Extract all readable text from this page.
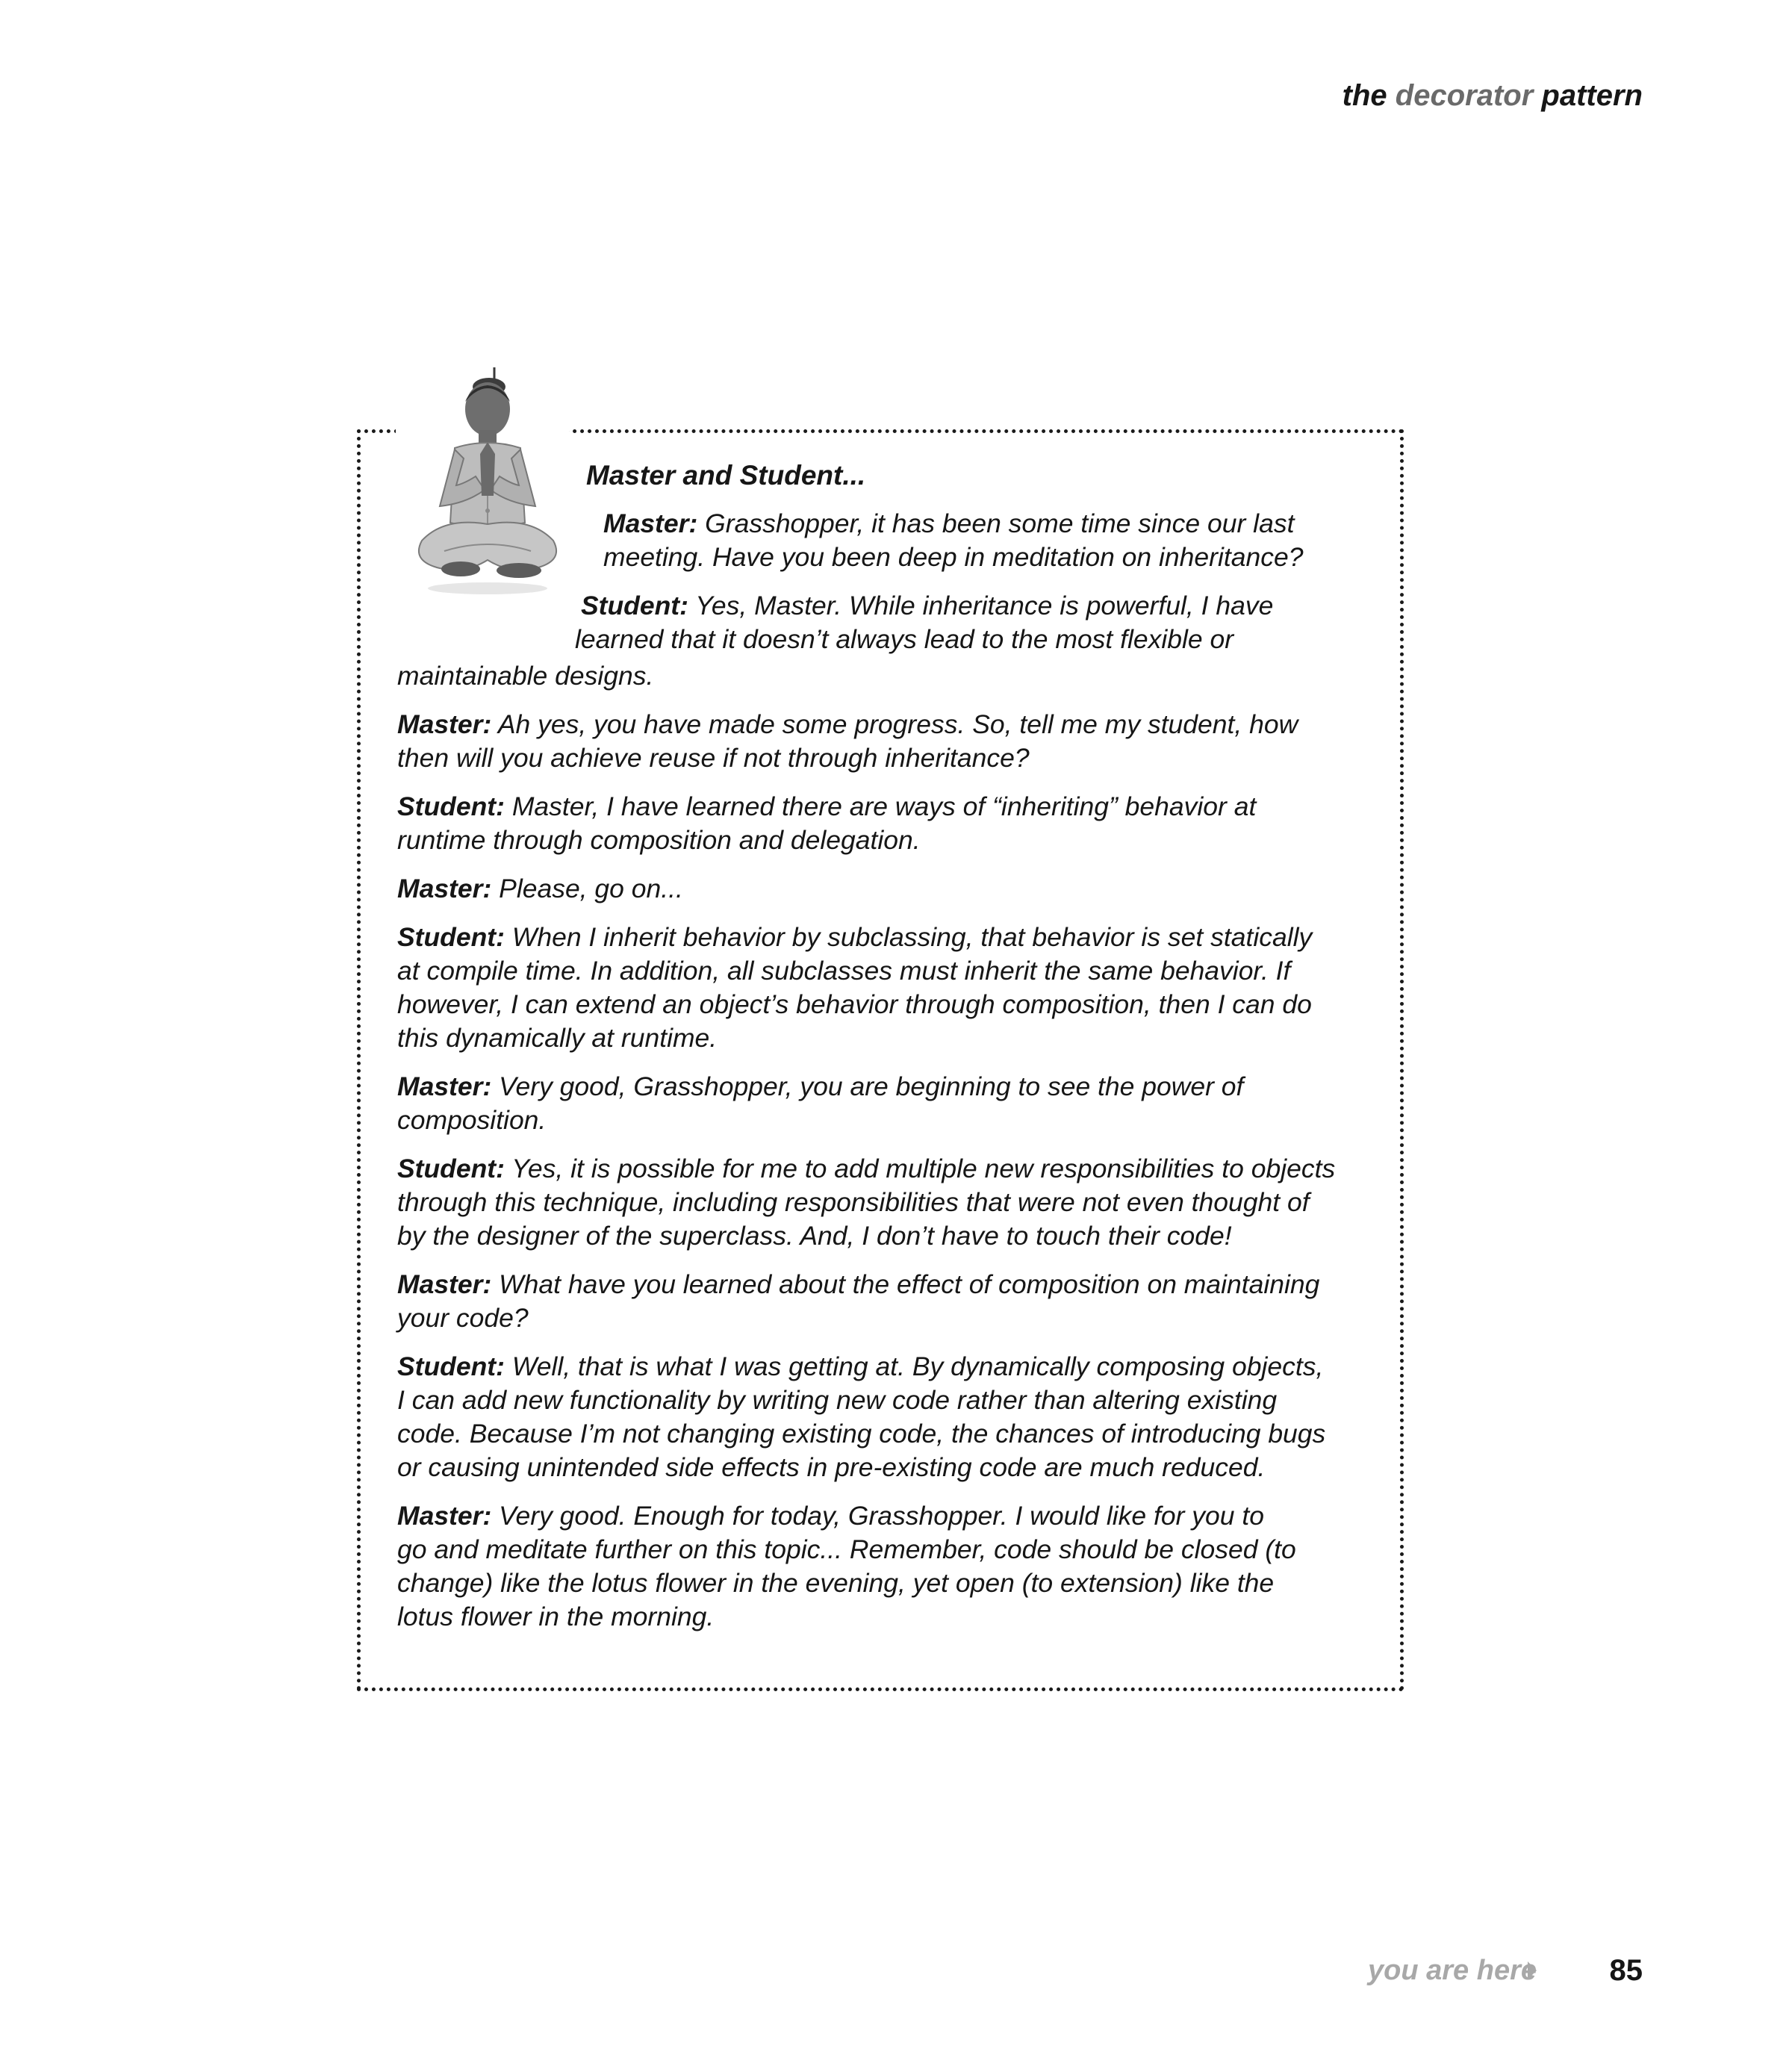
the decorator pattern
Master and Student...

Master: Grasshopper, it has been some time since our last

meeting. Have you been deep in meditation on inheritance?

Student: Yes, Master. While inheritance is powerful, I have

learned that it doesn’t always lead to the most flexible or

maintainable designs.

Master: Ah yes, you have made some progress. So, tell me my student, how
then will you achieve reuse if not through inheritance?

Student: Master, I have learned there are ways of “inheriting” behavior at
runtime through composition and delegation.

Master: Please, go on...

Student: When I inherit behavior by subclassing, that behavior is set statically
at compile time. In addition, all subclasses must inherit the same behavior. If
however, I can extend an object’s behavior through composition, then I can do
this dynamically at runtime.

Master: Very good, Grasshopper, you are beginning to see the power of
composition.

Student: Yes, it is possible for me to add multiple new responsibilities to objects
through this technique, including responsibilities that were not even thought of
by the designer of the superclass. And, I don’t have to touch their code!

Master: What have you learned about the effect of composition on maintaining
your code?

Student: Well, that is what I was getting at. By dynamically composing objects,
I can add new functionality by writing new code rather than altering existing
code. Because I’m not changing existing code, the chances of introducing bugs
or causing unintended side effects in pre-existing code are much reduced.

Master: Very good. Enough for today, Grasshopper. I would like for you to
go and meditate further on this topic... Remember, code should be closed (to
change) like the lotus flower in the evening, yet open (to extension) like the
lotus flower in the morning.

you are here 85
